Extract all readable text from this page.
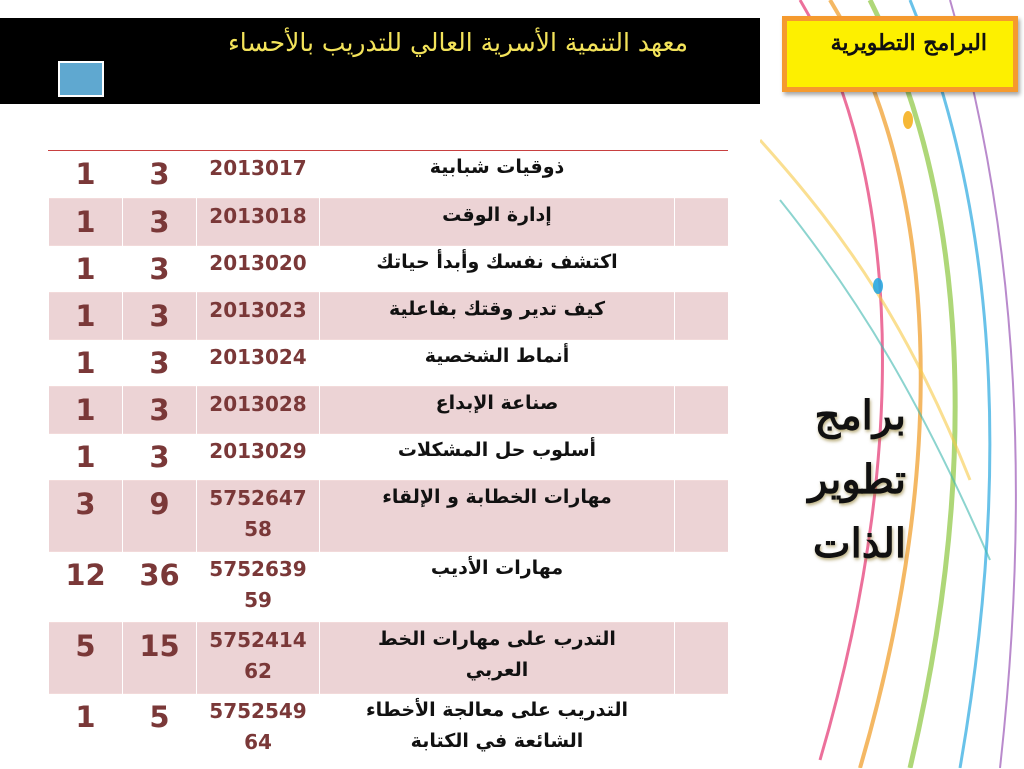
معهد التنمية الأسرية العالي للتدريب بالأحساء	البرامج التطويرية
برامج
تطوير
الذات
1	3	2013017	ذوقيات شبابية	
1	3	2013018	إدارة الوقت	
1	3	2013020	اكتشف نفسك وأبدأ حياتك	
1	3	2013023	كيف تدير وقتك بفاعلية	
1	3	2013024	أنماط الشخصية	
1	3	2013028	صناعة الإبداع	
1	3	2013029	أسلوب حل المشكلات	
3	9	575264758	مهارات الخطابة و الإلقاء	
12	36	575263959	مهارات الأديب	
5	15	575241462	التدرب على مهارات الخط العربي	
1	5	575254964	التدريب على معالجة الأخطاء الشائعة في الكتابة	
